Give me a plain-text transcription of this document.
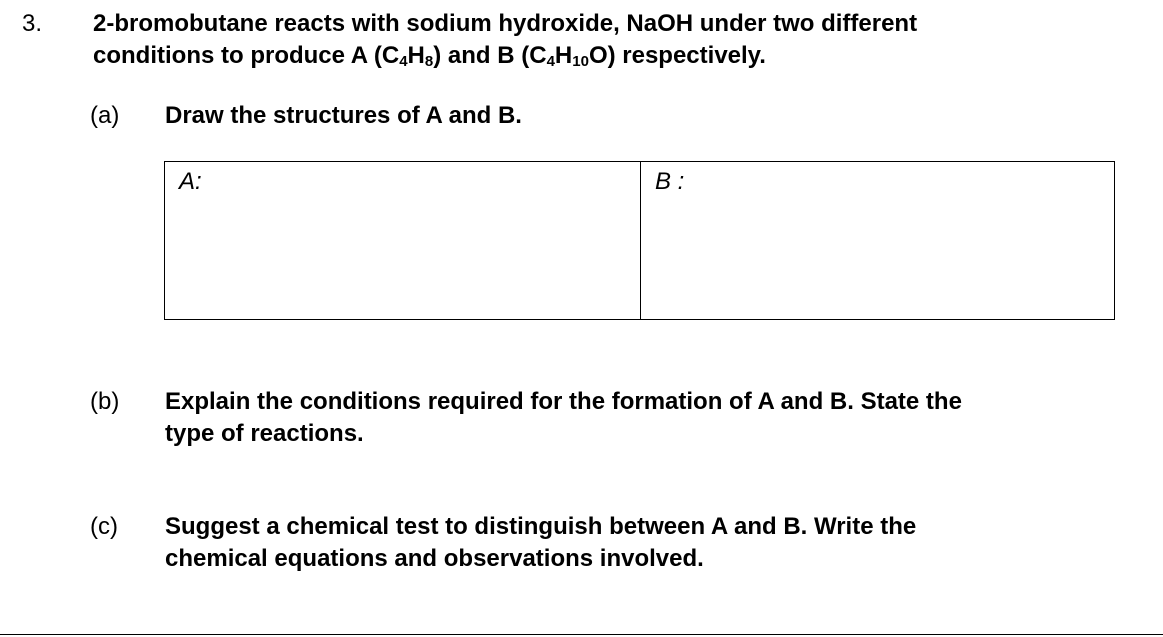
3. 2-bromobutane reacts with sodium hydroxide, NaOH under two different
conditions to produce A $(C_4H_8)$ and B $(C_4H_{10}O)$ respectively.
(a) Draw the structures of A and B.
A:	B :
(b) Explain the conditions required for the formation of A and B. State the
type of reactions.
(c) Suggest a chemical test to distinguish between A and B. Write the
chemical equations and observations involved.
